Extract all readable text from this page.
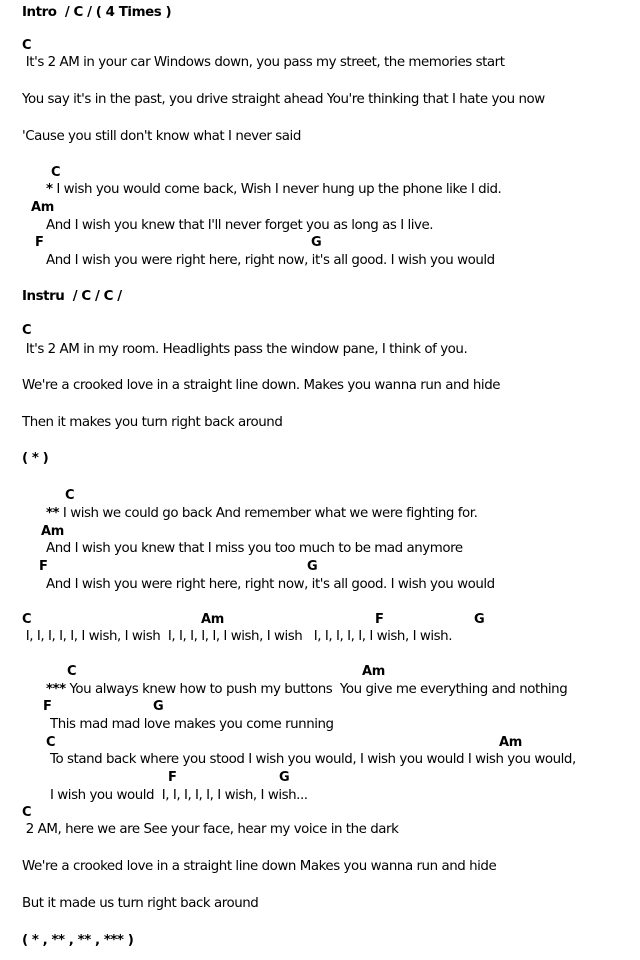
Intro  / C / ( 4 Times )
C
It's 2 AM in your car Windows down, you pass my street, the memories start
You say it's in the past, you drive straight ahead You're thinking that I hate you now
'Cause you still don't know what I never said
C
* I wish you would come back, Wish I never hung up the phone like I did.
Am
And I wish you knew that I'll never forget you as long as I live.
F	G
And I wish you were right here, right now, it's all good. I wish you would
Instru  / C / C /
C
It's 2 AM in my room. Headlights pass the window pane, I think of you.
We're a crooked love in a straight line down. Makes you wanna run and hide
Then it makes you turn right back around
( * )
C
** I wish we could go back And remember what we were fighting for.
Am
And I wish you knew that I miss you too much to be mad anymore
F	G
And I wish you were right here, right now, it's all good. I wish you would
C	Am	F	G
I, I, I, I, I, I wish, I wish  I, I, I, I, I, I wish, I wish   I, I, I, I, I, I wish, I wish.
C	Am
*** You always knew how to push my buttons  You give me everything and nothing
F	G
This mad mad love makes you come running
C	Am
To stand back where you stood I wish you would, I wish you would I wish you would,
F	G
I wish you would  I, I, I, I, I, I wish, I wish...
C
2 AM, here we are See your face, hear my voice in the dark
We're a crooked love in a straight line down Makes you wanna run and hide
But it made us turn right back around
( * , ** , ** , *** )
